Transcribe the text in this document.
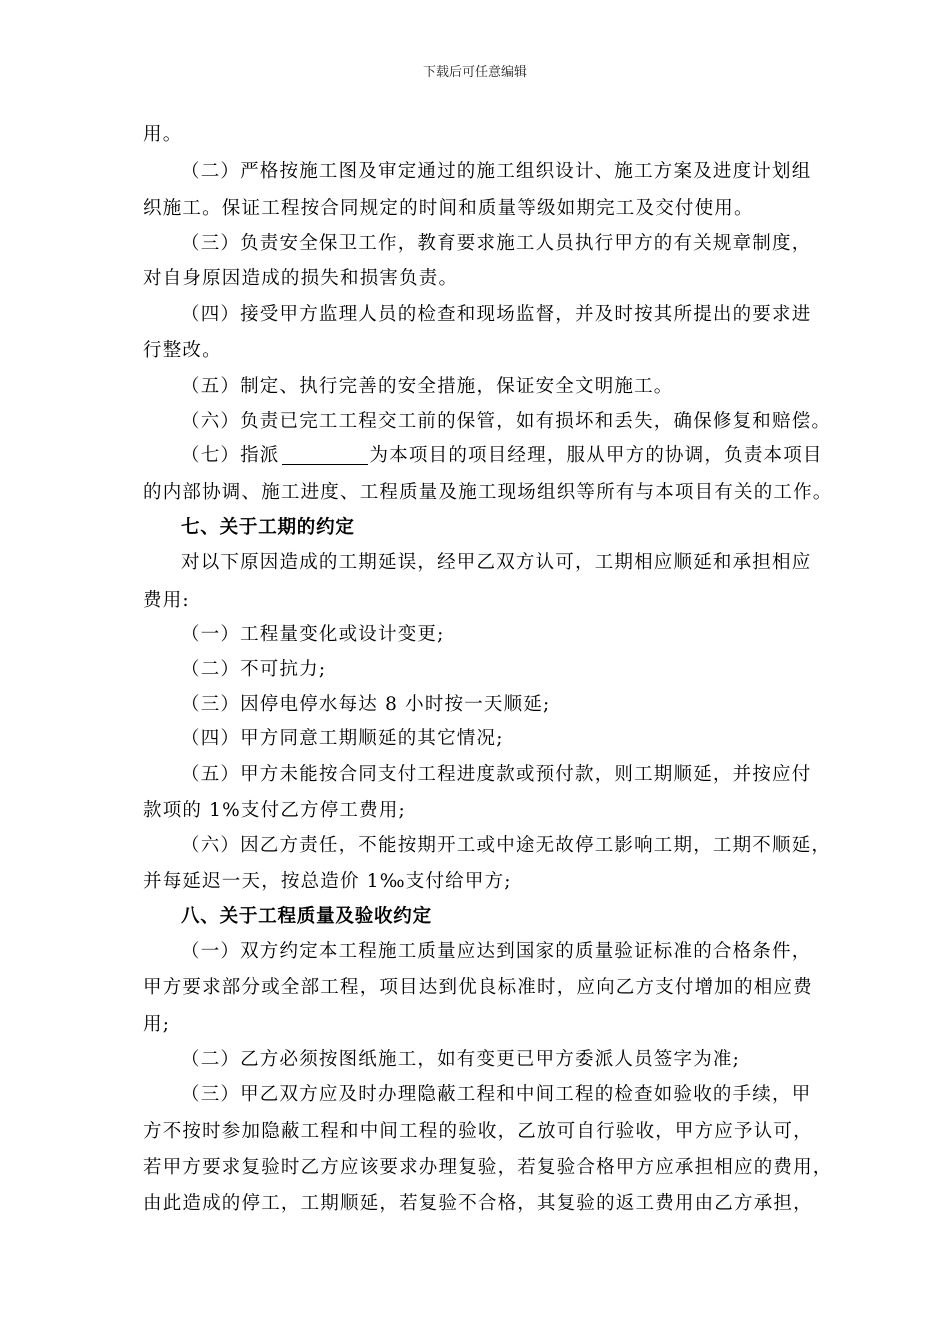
下载后可任意编辑
用。
（二）严格按施工图及审定通过的施工组织设计、施工方案及进度计划组
织施工。保证工程按合同规定的时间和质量等级如期完工及交付使用。
（三）负责安全保卫工作，教育要求施工人员执行甲方的有关规章制度，
对自身原因造成的损失和损害负责。
（四）接受甲方监理人员的检查和现场监督，并及时按其所提出的要求进
行整改。
（五）制定、执行完善的安全措施，保证安全文明施工。
（六）负责已完工工程交工前的保管，如有损坏和丢失，确保修复和赔偿。
（七）指派	为本项目的项目经理，服从甲方的协调，负责本项目
的内部协调、施工进度、工程质量及施工现场组织等所有与本项目有关的工作。
七、关于工期的约定
对以下原因造成的工期延误，经甲乙双方认可，工期相应顺延和承担相应
费用:
（一）工程量变化或设计变更;
（二）不可抗力;
（三）因停电停水每达 8 小时按一天顺延;
（四）甲方同意工期顺延的其它情况;
（五）甲方未能按合同支付工程进度款或预付款，则工期顺延，并按应付
款项的 1%支付乙方停工费用;
（六）因乙方责任，不能按期开工或中途无故停工影响工期，工期不顺延，
并每延迟一天，按总造价 1‰支付给甲方;
八、关于工程质量及验收约定
（一）双方约定本工程施工质量应达到国家的质量验证标准的合格条件，
甲方要求部分或全部工程，项目达到优良标准时，应向乙方支付增加的相应费
用;
（二）乙方必须按图纸施工，如有变更已甲方委派人员签字为准;
（三）甲乙双方应及时办理隐蔽工程和中间工程的检查如验收的手续，甲
方不按时参加隐蔽工程和中间工程的验收，乙放可自行验收，甲方应予认可，
若甲方要求复验时乙方应该要求办理复验，若复验合格甲方应承担相应的费用，
由此造成的停工，工期顺延，若复验不合格，其复验的返工费用由乙方承担，
